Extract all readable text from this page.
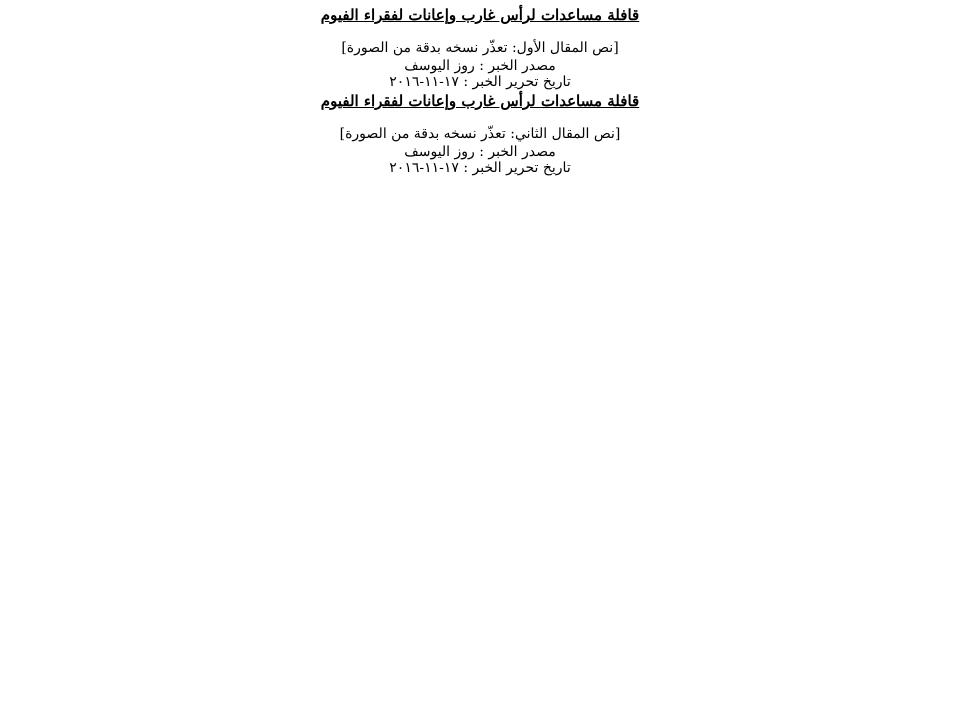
قافلة مساعدات لرأس غارب وإعانات لفقراء الفيوم

[نص المقال الأول: تعذّر نسخه بدقة من الصورة]

مصدر الخبر : روز اليوسف

تاريخ تحرير الخبر : ١٧-١١-٢٠١٦

قافلة مساعدات لرأس غارب وإعانات لفقراء الفيوم

[نص المقال الثاني: تعذّر نسخه بدقة من الصورة]

مصدر الخبر : روز اليوسف

تاريخ تحرير الخبر : ١٧-١١-٢٠١٦
